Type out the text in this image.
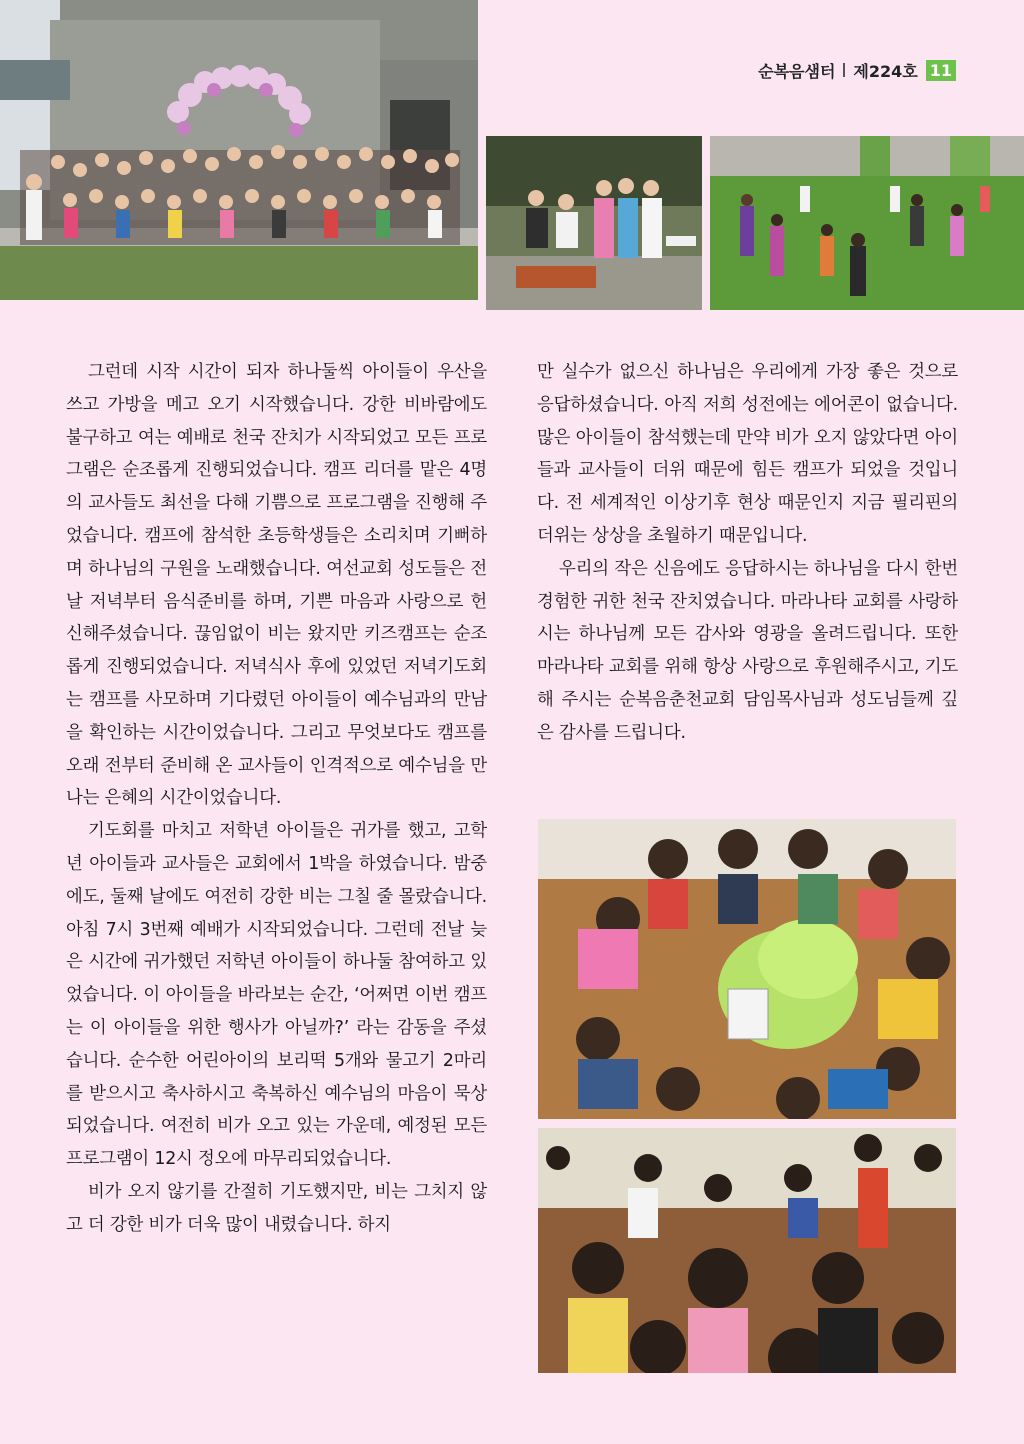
순복음샘터 제224호 11

그런데 시작 시간이 되자 하나둘씩 아이들이 우산을 쓰고 가방을 메고 오기 시작했습니다. 강한 비바람에도 불구하고 여는 예배로 천국 잔치가 시작되었고 모든 프로그램은 순조롭게 진행되었습니다. 캠프 리더를 맡은 4명의 교사들도 최선을 다해 기쁨으로 프로그램을 진행해 주었습니다. 캠프에 참석한 초등학생들은 소리치며 기뻐하며 하나님의 구원을 노래했습니다. 여선교회 성도들은 전날 저녁부터 음식준비를 하며, 기쁜 마음과 사랑으로 헌신해주셨습니다. 끊임없이 비는 왔지만 키즈캠프는 순조롭게 진행되었습니다. 저녁식사 후에 있었던 저녁기도회는 캠프를 사모하며 기다렸던 아이들이 예수님과의 만남을 확인하는 시간이었습니다. 그리고 무엇보다도 캠프를 오래 전부터 준비해 온 교사들이 인격적으로 예수님을 만나는 은혜의 시간이었습니다.

기도회를 마치고 저학년 아이들은 귀가를 했고, 고학년 아이들과 교사들은 교회에서 1박을 하였습니다. 밤중에도, 둘째 날에도 여전히 강한 비는 그칠 줄 몰랐습니다. 아침 7시 3번째 예배가 시작되었습니다. 그런데 전날 늦은 시간에 귀가했던 저학년 아이들이 하나둘 참여하고 있었습니다. 이 아이들을 바라보는 순간, ‘어쩌면 이번 캠프는 이 아이들을 위한 행사가 아닐까?’ 라는 감동을 주셨습니다. 순수한 어린아이의 보리떡 5개와 물고기 2마리를 받으시고 축사하시고 축복하신 예수님의 마음이 묵상되었습니다. 여전히 비가 오고 있는 가운데, 예정된 모든 프로그램이 12시 정오에 마무리되었습니다.

비가 오지 않기를 간절히 기도했지만, 비는 그치지 않고 더 강한 비가 더욱 많이 내렸습니다. 하지

만 실수가 없으신 하나님은 우리에게 가장 좋은 것으로 응답하셨습니다. 아직 저희 성전에는 에어콘이 없습니다. 많은 아이들이 참석했는데 만약 비가 오지 않았다면 아이들과 교사들이 더위 때문에 힘든 캠프가 되었을 것입니다. 전 세계적인 이상기후 현상 때문인지 지금 필리핀의 더위는 상상을 초월하기 때문입니다.

우리의 작은 신음에도 응답하시는 하나님을 다시 한번 경험한 귀한 천국 잔치였습니다. 마라나타 교회를 사랑하시는 하나님께 모든 감사와 영광을 올려드립니다. 또한 마라나타 교회를 위해 항상 사랑으로 후원해주시고, 기도해 주시는 순복음춘천교회 담임목사님과 성도님들께 깊은 감사를 드립니다.
